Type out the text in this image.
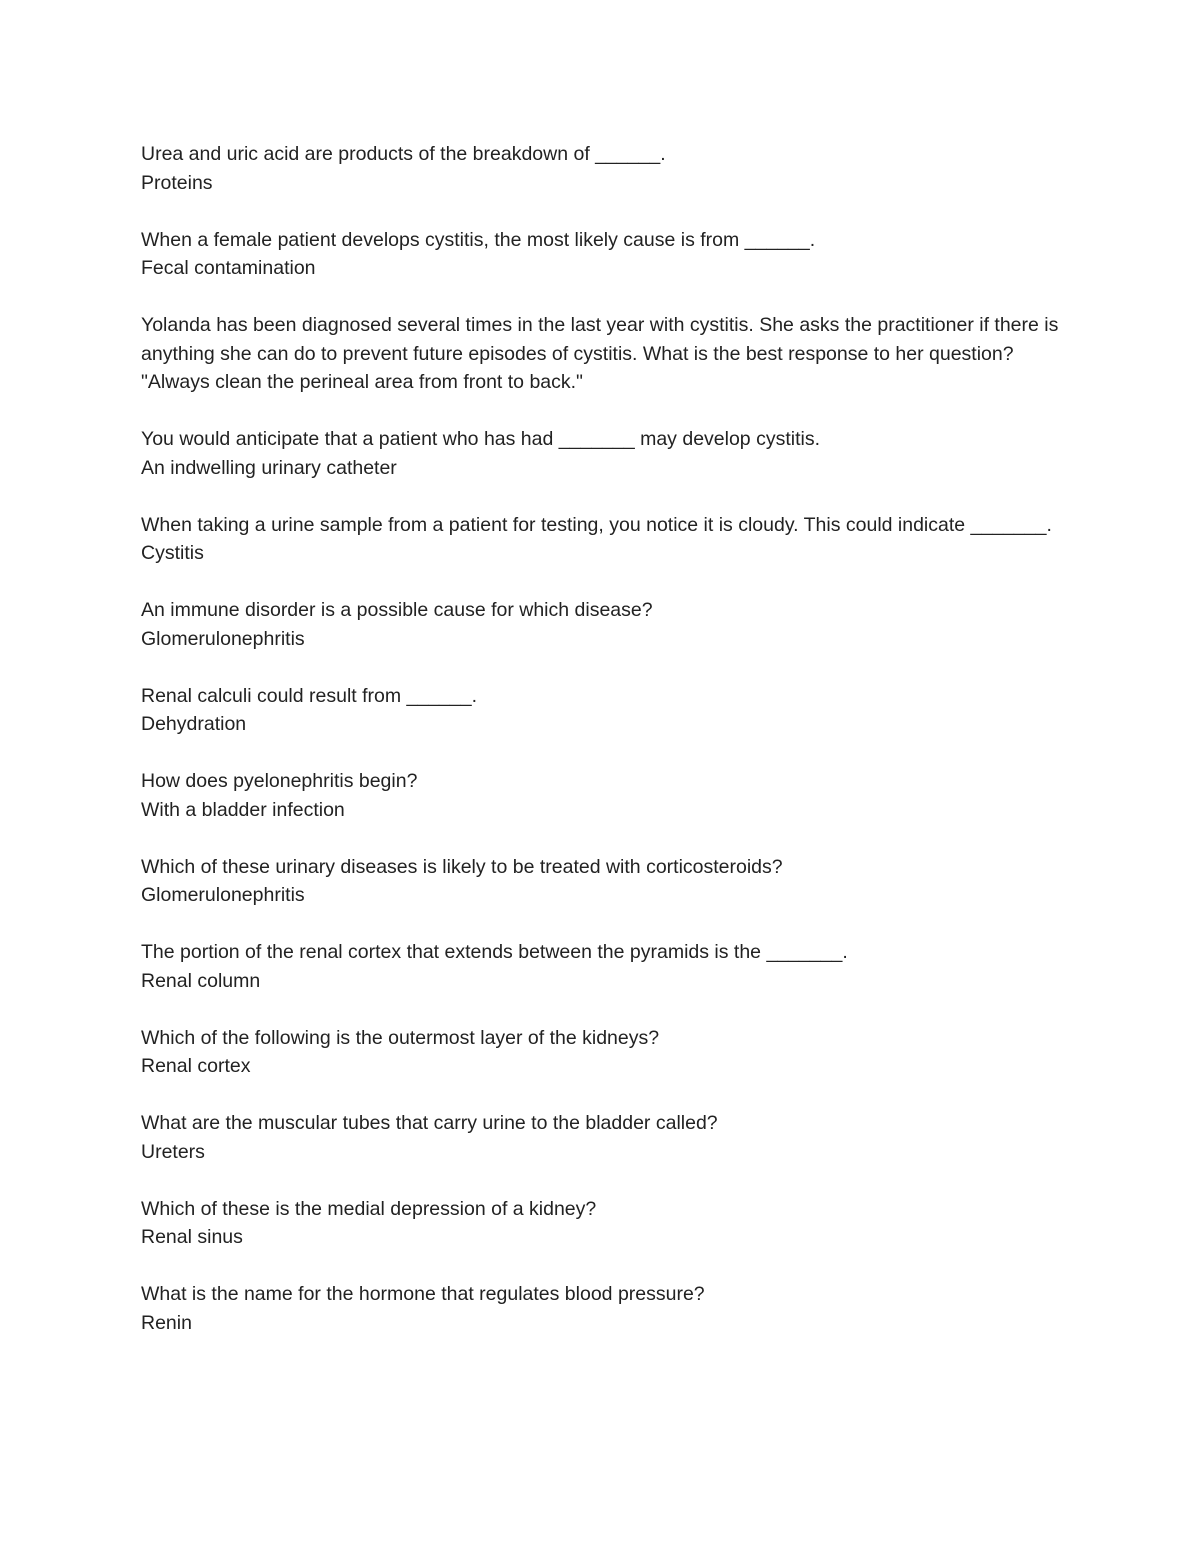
Urea and uric acid are products of the breakdown of ______.
Proteins
When a female patient develops cystitis, the most likely cause is from ______.
Fecal contamination
Yolanda has been diagnosed several times in the last year with cystitis. She asks the practitioner if there is anything she can do to prevent future episodes of cystitis. What is the best response to her question?
"Always clean the perineal area from front to back."
You would anticipate that a patient who has had _______ may develop cystitis.
An indwelling urinary catheter
When taking a urine sample from a patient for testing, you notice it is cloudy. This could indicate _______.
Cystitis
An immune disorder is a possible cause for which disease?
Glomerulonephritis
Renal calculi could result from ______.
Dehydration
How does pyelonephritis begin?
With a bladder infection
Which of these urinary diseases is likely to be treated with corticosteroids?
Glomerulonephritis
The portion of the renal cortex that extends between the pyramids is the _______.
Renal column
Which of the following is the outermost layer of the kidneys?
Renal cortex
What are the muscular tubes that carry urine to the bladder called?
Ureters
Which of these is the medial depression of a kidney?
Renal sinus
What is the name for the hormone that regulates blood pressure?
Renin
